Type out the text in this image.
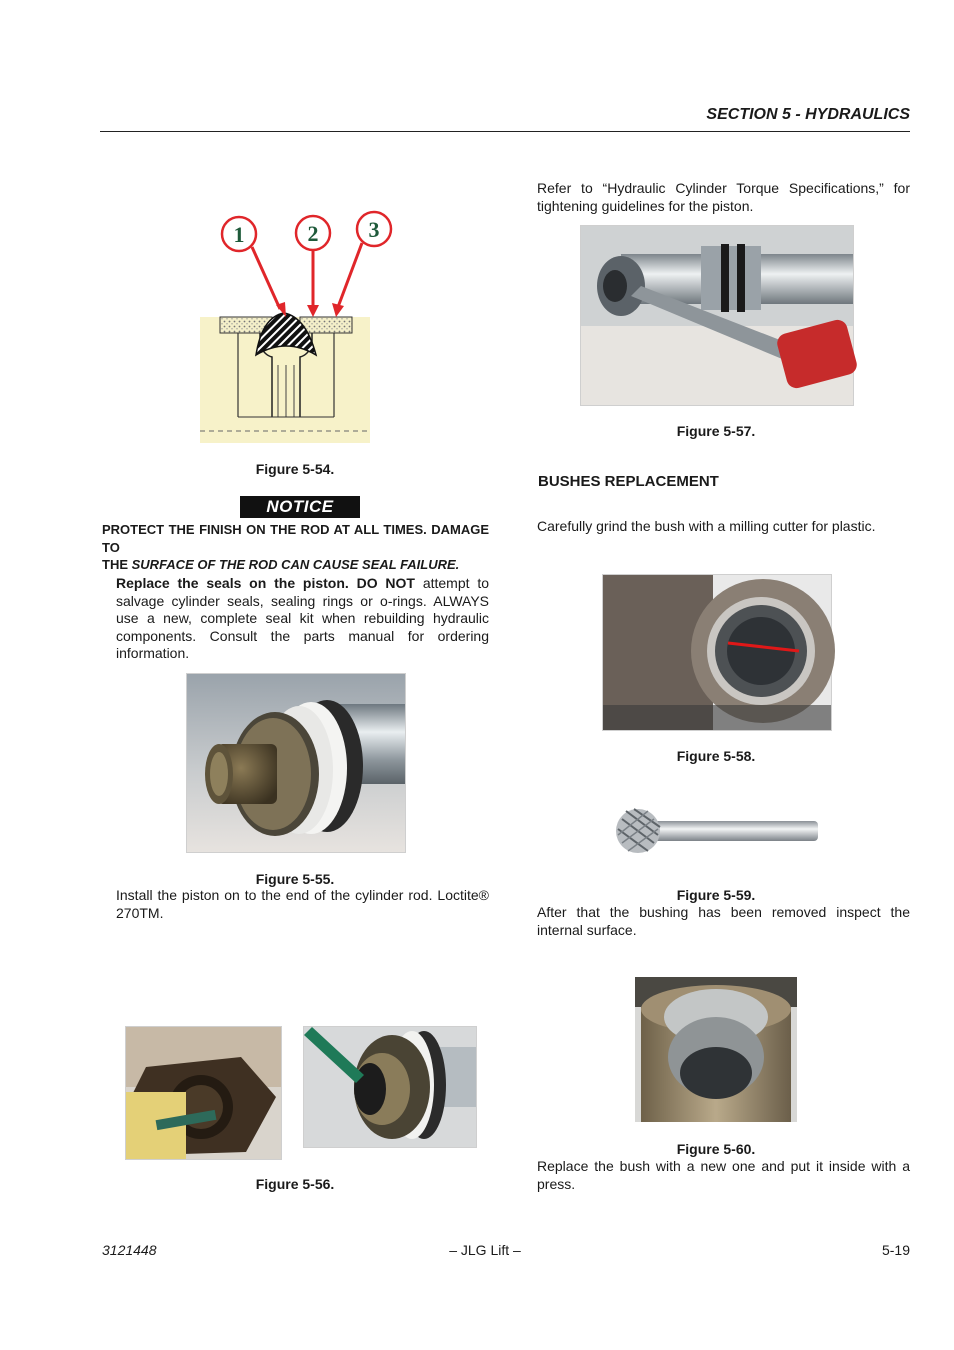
SECTION 5 - HYDRAULICS
1	2 3
Figure 5-54.
NOTICE
PROTECT THE FINISH ON THE ROD AT ALL TIMES. DAMAGE TO
THE SURFACE OF THE ROD CAN CAUSE SEAL FAILURE.
Replace the seals on the piston. DO NOT attempt to salvage cylinder seals, sealing rings or o-rings. ALWAYS use a new, complete seal kit when rebuilding hydraulic components. Consult the parts manual for ordering information.
Figure 5-55.
Install the piston on to the end of the cylinder rod. Loctite® 270TM.
Figure 5-56.
Refer to “Hydraulic Cylinder Torque Specifications,” for tightening guidelines for the piston.
Figure 5-57.
BUSHES REPLACEMENT
Carefully grind the bush with a milling cutter for plastic.
Figure 5-58.
Figure 5-59.
After that the bushing has been removed inspect the internal surface.
Figure 5-60.
Replace the bush with a new one and put it inside with a press.
3121448	– JLG Lift –	5-19
